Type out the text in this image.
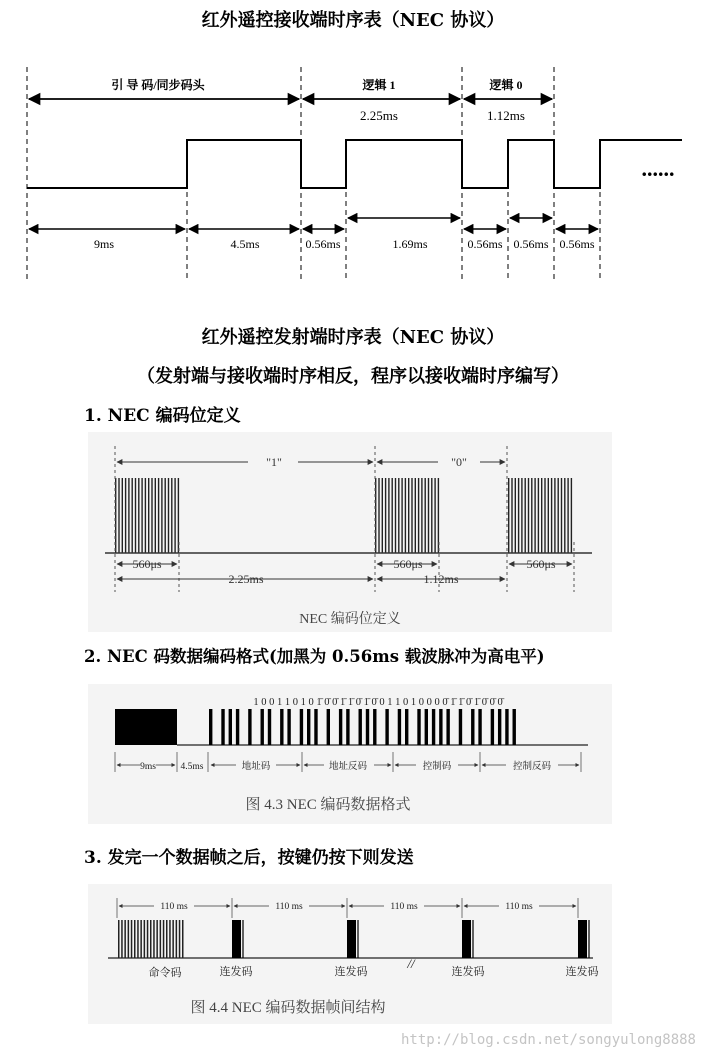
红外遥控接收端时序表（NEC 协议）
引 导 码/同步码头	逻辑 1
2.25ms
逻辑 0
1.12ms
......
9ms	4.5ms	0.56ms	1.69ms	0.56ms 0.56ms 0.56ms
红外遥控发射端时序表（NEC 协议）
（发射端与接收端时序相反，程序以接收端时序编写）
1. NEC 编码位定义
"1"	"0"
560μs	560μs	560μs
2.25ms	1.12ms
NEC 编码位定义
2. NEC 码数据编码格式(加黑为 0.56ms 载波脉冲为高电平)
1 0 0 1 1 0 1 0 1̄ 0̄ 0̄ 1̄ 1̄ 0̄ 1̄ 0̄ 0 1 1 0 1 0 0 0 0̄ 1̄ 1̄ 0̄ 1̄ 0̄ 0̄ 0̄
9ms	4.5ms	地址码	地址反码	控制码	控制反码
图 4.3 NEC 编码数据格式
3. 发完一个数据帧之后，按键仍按下则发送
110 ms	110 ms	110 ms	110 ms
命令码	连发码	连发码	连发码	连发码
//
图 4.4 NEC 编码数据帧间结构
http://blog.csdn.net/songyulong8888
